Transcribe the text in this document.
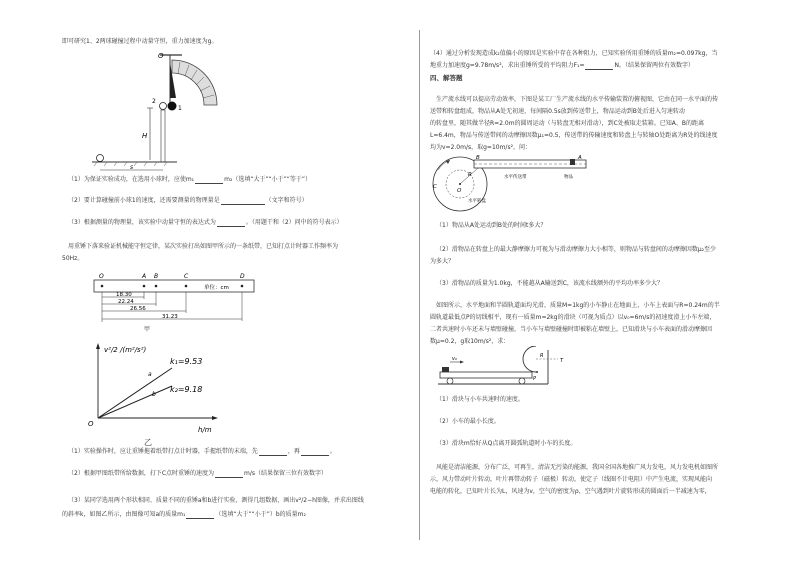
即可研究1、2两球碰撞过程中动量守恒，重力加速度为g。
O
1
2
H
s
（1）为保证实验成功，在选用小球时，应使m₁	m₂（选填“大于”“小于”“等于”）
（2）要计算碰撞前小球1的速度，还需要测量的物理量是	（文字和符号）
（3）根据测量的物理量，该实验中动量守恒的表达式为	。（用题干和（2）问中的符号表示）
用重锤下落来验证机械能守恒定律，某次实验打出如图甲所示的一条纸带，已知打点计时器工作频率为
50Hz。
O	A B	C	D
单位：cm
18.30
22.24
26.56
31.23
甲
v²/2 /(m²/s²)
h/m
O
a
b
k₁=9.53
k₂=9.18
乙
（1）实验操作时，应让重锤拖着纸带打点计时器，手握纸带的末端，先	，再	。
（2）根据甲图纸带所给数据，打下C点时重锤的速度为	m/s（结果保留三位有效数字）
（3）某同学选用两个形状相同、质量不同的重锤a和b进行实验，测得几组数据，画出v²/2−h图像，并求出图线
的斜率k，如图乙所示，由图像可知a的质量m₁	（选填“大于”“小于”）b的质量m₂
（4）通过分析发现造成k₂值偏小的原因是实验中存在各种阻力，已知实验所用重锤的质量m₂=0.097kg，当
地重力加速度g=9.78m/s²，求出重锤所受的平均阻力F₁=	N。（结果保留两位有效数字）
四、解答题
生产流水线可以提高劳动效率，下图是某工厂生产流水线的水平传输装置的俯视图，它由在同一水平面的传
送带和转盘组成，物品从A处无初速，每间隔0.5s放到传送带上，物品运动到B处后进入匀速转动
的转盘里，随其做半径R=2.0m的圆周运动（与转盘无相对滑动），到C处被取走装箱。已知A、B的距离
L=6.4m，物品与传送带间的动摩擦因数μ₁=0.5，传送带的传输速度和转盘上与转轴O处距离为R处的线速度
均为v=2.0m/s，取g=10m/s²，问：
O
R
B	A
C
水平传送带
水平转盘
物品
（1）物品从A处运动到B处的时间t多大？
（2）滑物品在转盘上的最大静摩擦力可视为与滑动摩擦力大小相等，则物品与转盘间的动摩擦因数μ₂至少
为多大？
（3）滑物品的质量为1.0kg，不能越从A输送到C，该流水线额外的平均功率多少大？
如图所示，水平地面和半圆轨道面均光滑，质量M=1kg的小车静止在地面上，小车上表面与R=0.24m的半
圆轨道最低点P的切线相平，现有一质量m=2kg的滑块（可视为质点）以v₀=6m/s的初速度滑上小车左端，
二者共速时小车还未与墙壁碰撞，当小车与墙壁碰撞时即被粘在墙壁上，已知滑块与小车表面的滑动摩擦因
数μ=0.2，g取10m/s²，求：
v₀
P
R
T
（1）滑块与小车共速时的速度。
（2）小车的最小长度。
（3）滑块m恰好从Q点离开圆弧轨道时小车的长度。
风能是清洁能源，分布广泛，可再生，清洁无污染的能源，我国全国各地推广风力发电，风力发电机如图所
示，风力带动叶片转动，叶片再带动转子（磁极）转动，使定子（线圈不计电阻）中产生电流，实现风能向
电能的转化，已知叶片长为L，风速为v，空气的密度为ρ，空气遇到叶片旋转形成的圆面后一半减速为零，
